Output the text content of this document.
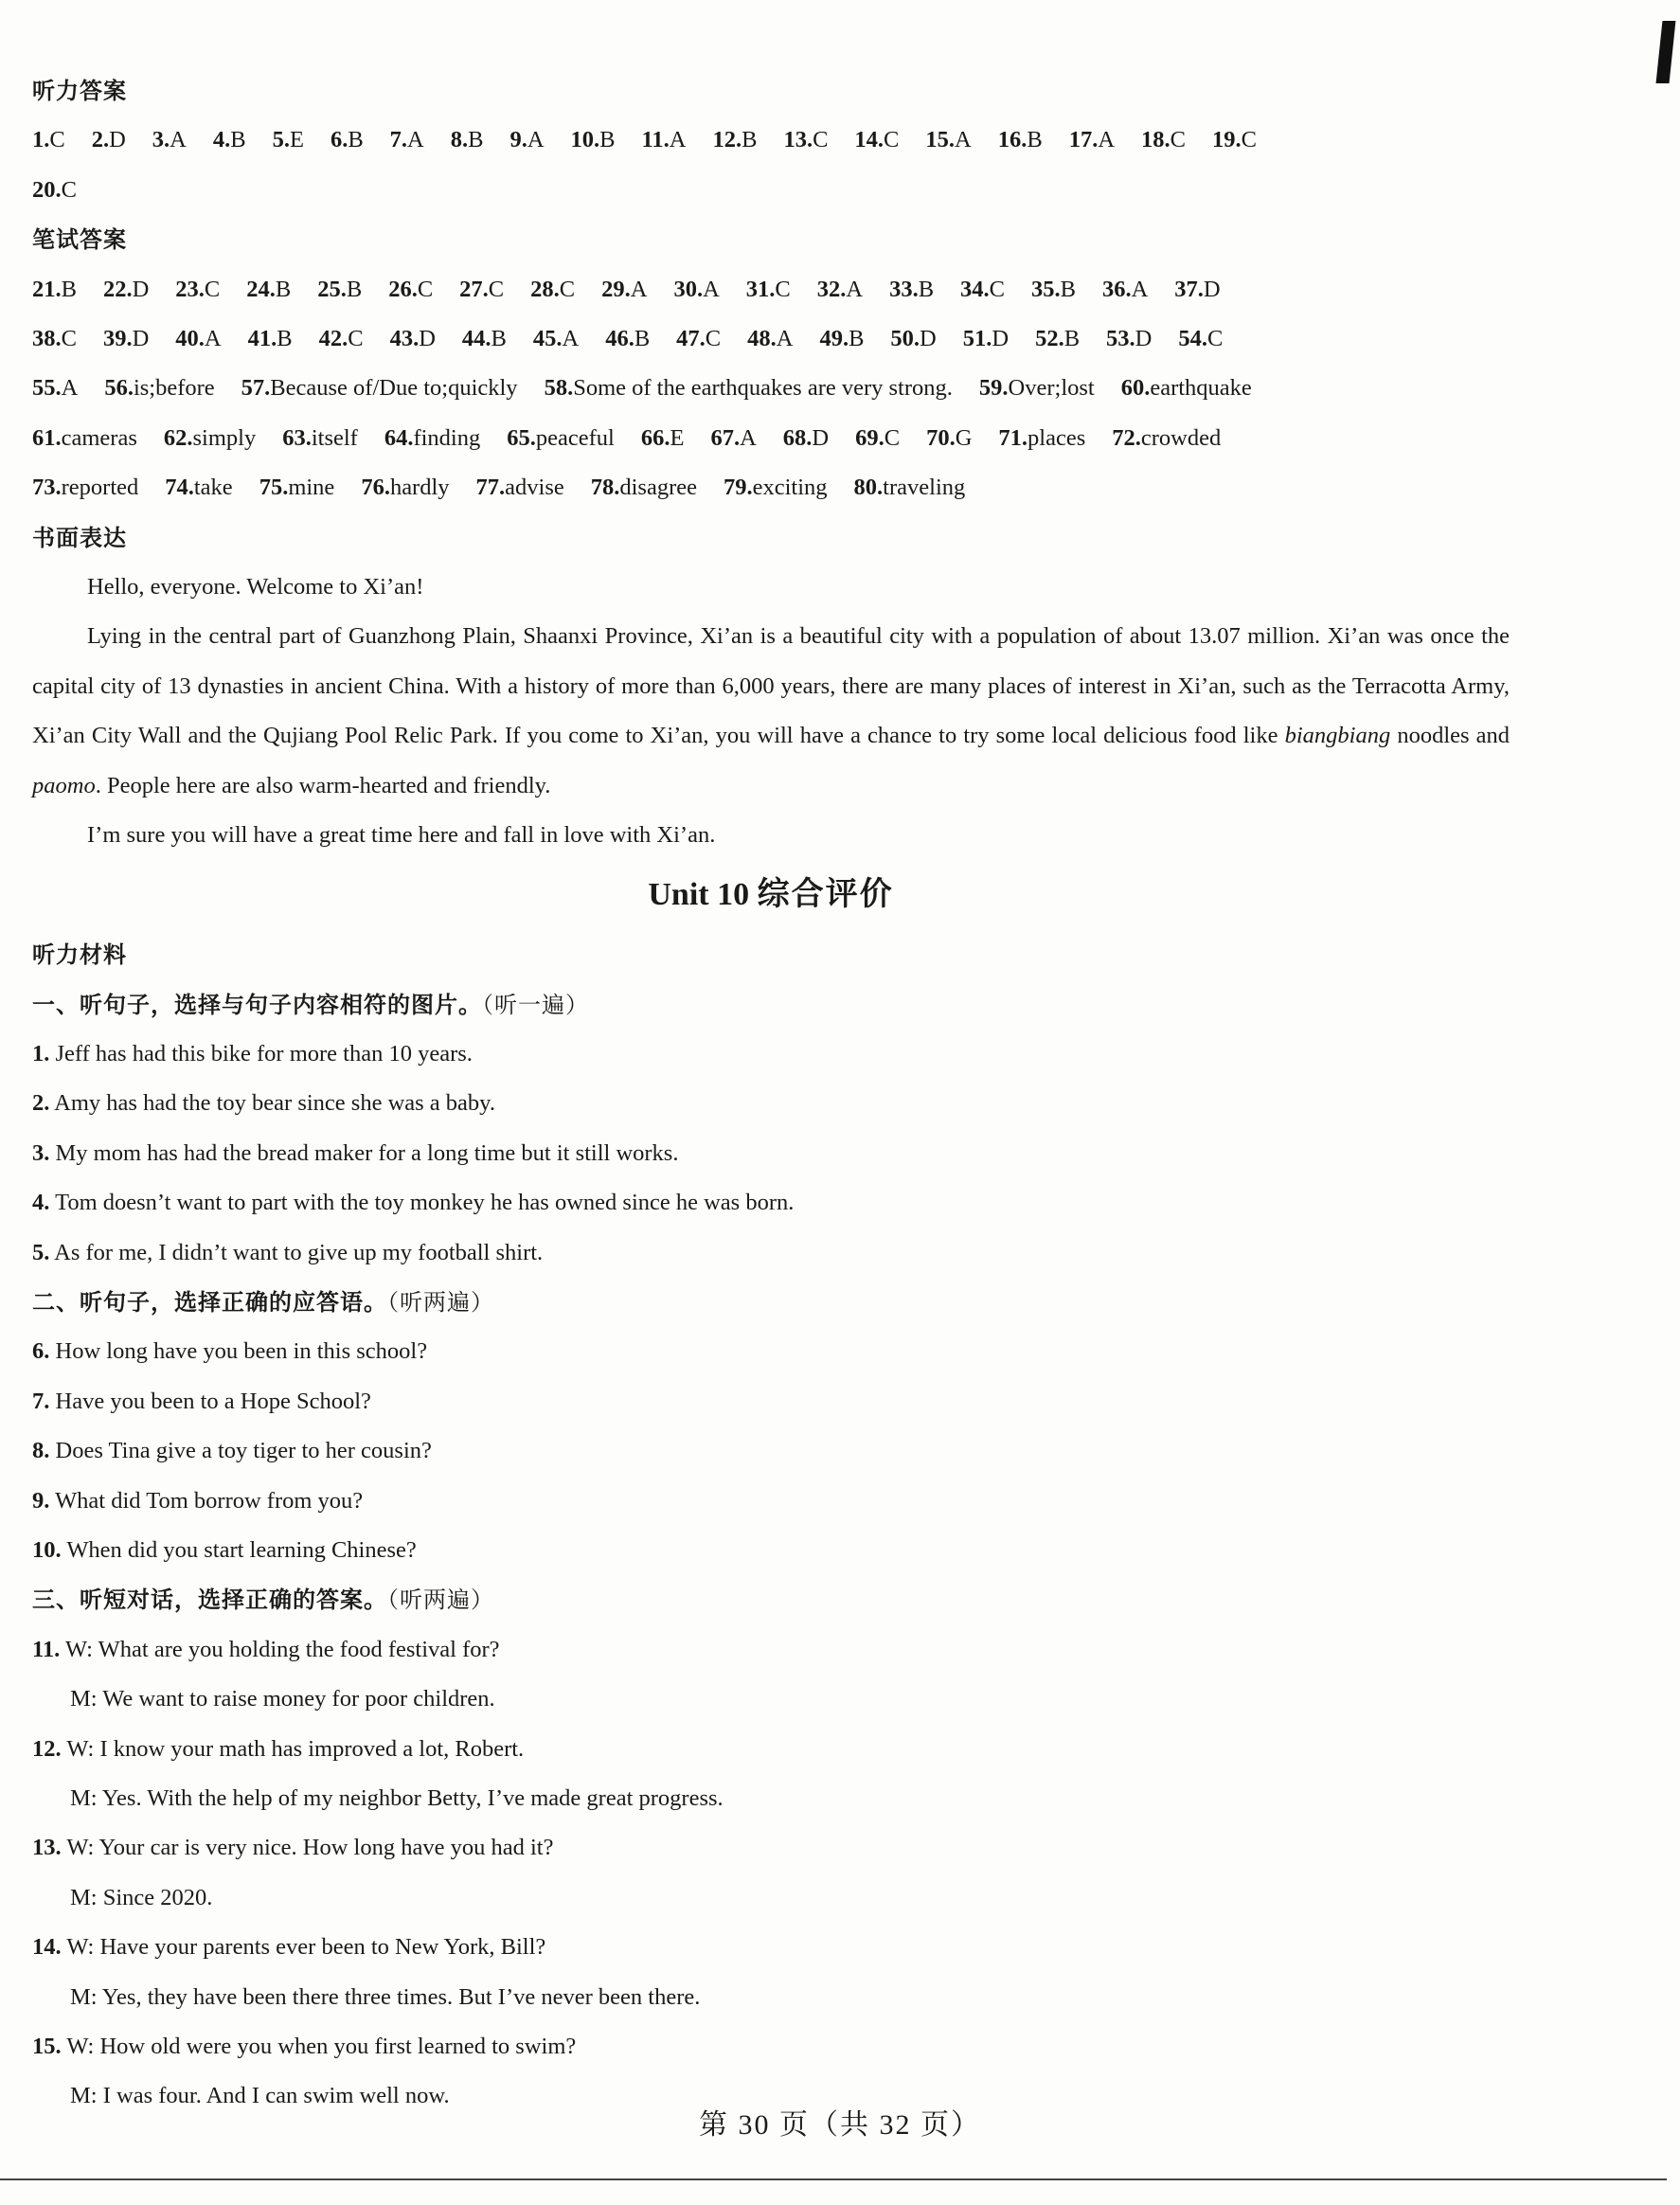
听力答案
1.C 2.D 3.A 4.B 5.E 6.B 7.A 8.B 9.A 10.B 11.A 12.B 13.C 14.C 15.A 16.B 17.A 18.C 19.C
20.C
笔试答案
21.B 22.D 23.C 24.B 25.B 26.C 27.C 28.C 29.A 30.A 31.C 32.A 33.B 34.C 35.B 36.A 37.D
38.C 39.D 40.A 41.B 42.C 43.D 44.B 45.A 46.B 47.C 48.A 49.B 50.D 51.D 52.B 53.D 54.C
55.A 56.is;before 57.Because of/Due to;quickly 58.Some of the earthquakes are very strong. 59.Over;lost 60.earthquake
61.cameras 62.simply 63.itself 64.finding 65.peaceful 66.E 67.A 68.D 69.C 70.G 71.places 72.crowded
73.reported 74.take 75.mine 76.hardly 77.advise 78.disagree 79.exciting 80.traveling
书面表达
Hello, everyone. Welcome to Xi’an!
Lying in the central part of Guanzhong Plain, Shaanxi Province, Xi’an is a beautiful city with a population of about 13.07 million. Xi’an was once the capital city of 13 dynasties in ancient China. With a history of more than 6,000 years, there are many places of interest in Xi’an, such as the Terracotta Army, Xi’an City Wall and the Qujiang Pool Relic Park. If you come to Xi’an, you will have a chance to try some local delicious food like biangbiang noodles and paomo. People here are also warm-hearted and friendly.
I’m sure you will have a great time here and fall in love with Xi’an.
Unit 10 综合评价
听力材料
一、听句子，选择与句子内容相符的图片。（听一遍）
1. Jeff has had this bike for more than 10 years.
2. Amy has had the toy bear since she was a baby.
3. My mom has had the bread maker for a long time but it still works.
4. Tom doesn’t want to part with the toy monkey he has owned since he was born.
5. As for me, I didn’t want to give up my football shirt.
二、听句子，选择正确的应答语。（听两遍）
6. How long have you been in this school?
7. Have you been to a Hope School?
8. Does Tina give a toy tiger to her cousin?
9. What did Tom borrow from you?
10. When did you start learning Chinese?
三、听短对话，选择正确的答案。（听两遍）
11. W: What are you holding the food festival for?
M: We want to raise money for poor children.
12. W: I know your math has improved a lot, Robert.
M: Yes. With the help of my neighbor Betty, I’ve made great progress.
13. W: Your car is very nice. How long have you had it?
M: Since 2020.
14. W: Have your parents ever been to New York, Bill?
M: Yes, they have been there three times. But I’ve never been there.
15. W: How old were you when you first learned to swim?
M: I was four. And I can swim well now.
第 30 页（共 32 页）
